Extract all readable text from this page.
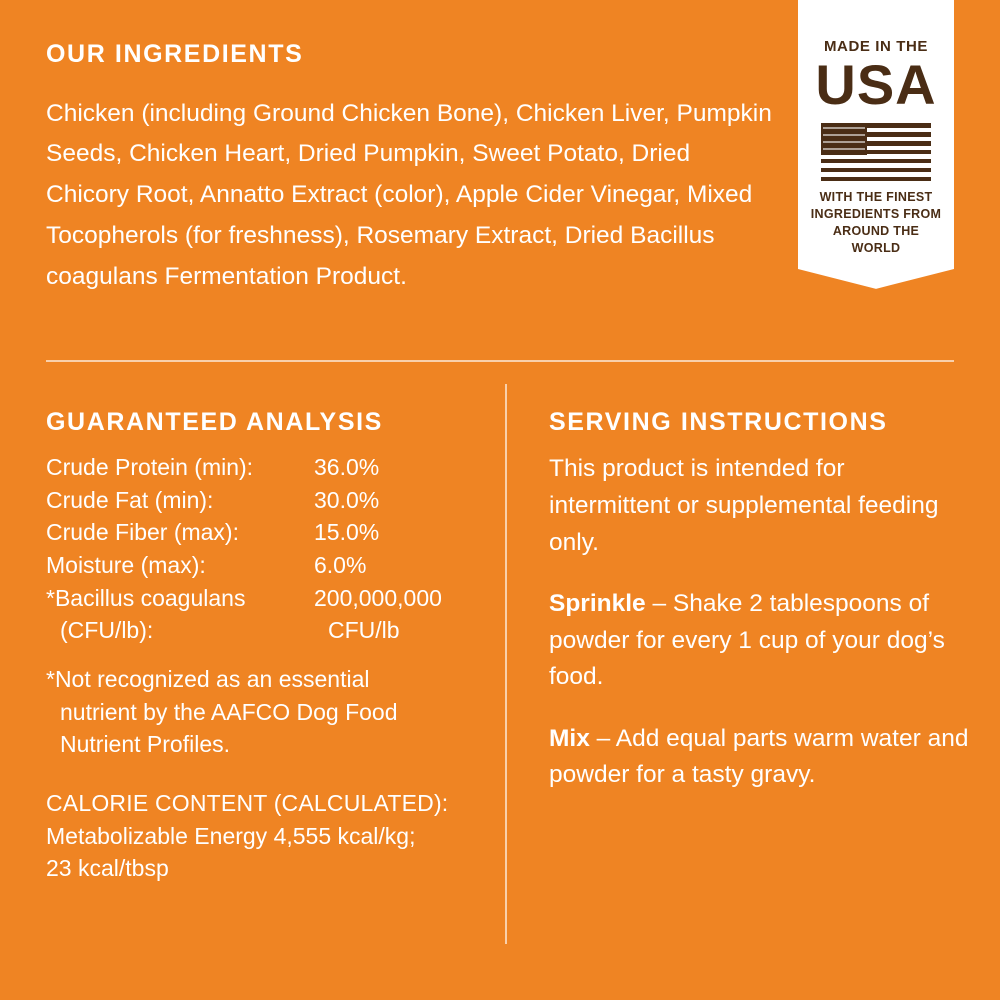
MADE IN THE
USA
WITH THE FINEST
INGREDIENTS FROM
AROUND THE WORLD
OUR INGREDIENTS

Chicken (including Ground Chicken Bone), Chicken Liver, Pumpkin Seeds, Chicken Heart, Dried Pumpkin, Sweet Potato, Dried Chicory Root, Annatto Extract (color), Apple Cider Vinegar, Mixed Tocopherols (for freshness), Rosemary Extract, Dried Bacillus coagulans Fermentation Product.

GUARANTEED ANALYSIS
Crude Protein (min):	36.0%
Crude Fat (min):	30.0%
Crude Fiber (max):	15.0%
Moisture (max):	6.0%
*Bacillus coagulans	200,000,000
(CFU/lb):	CFU/lb
*Not recognized as an essential
nutrient by the AAFCO Dog Food
Nutrient Profiles.
CALORIE CONTENT (CALCULATED):
Metabolizable Energy 4,555 kcal/kg;
23 kcal/tbsp
SERVING INSTRUCTIONS

This product is intended for intermittent or supplemental feeding only.

Sprinkle – Shake 2 tablespoons of powder for every 1 cup of your dog’s food.

Mix – Add equal parts warm water and powder for a tasty gravy.
